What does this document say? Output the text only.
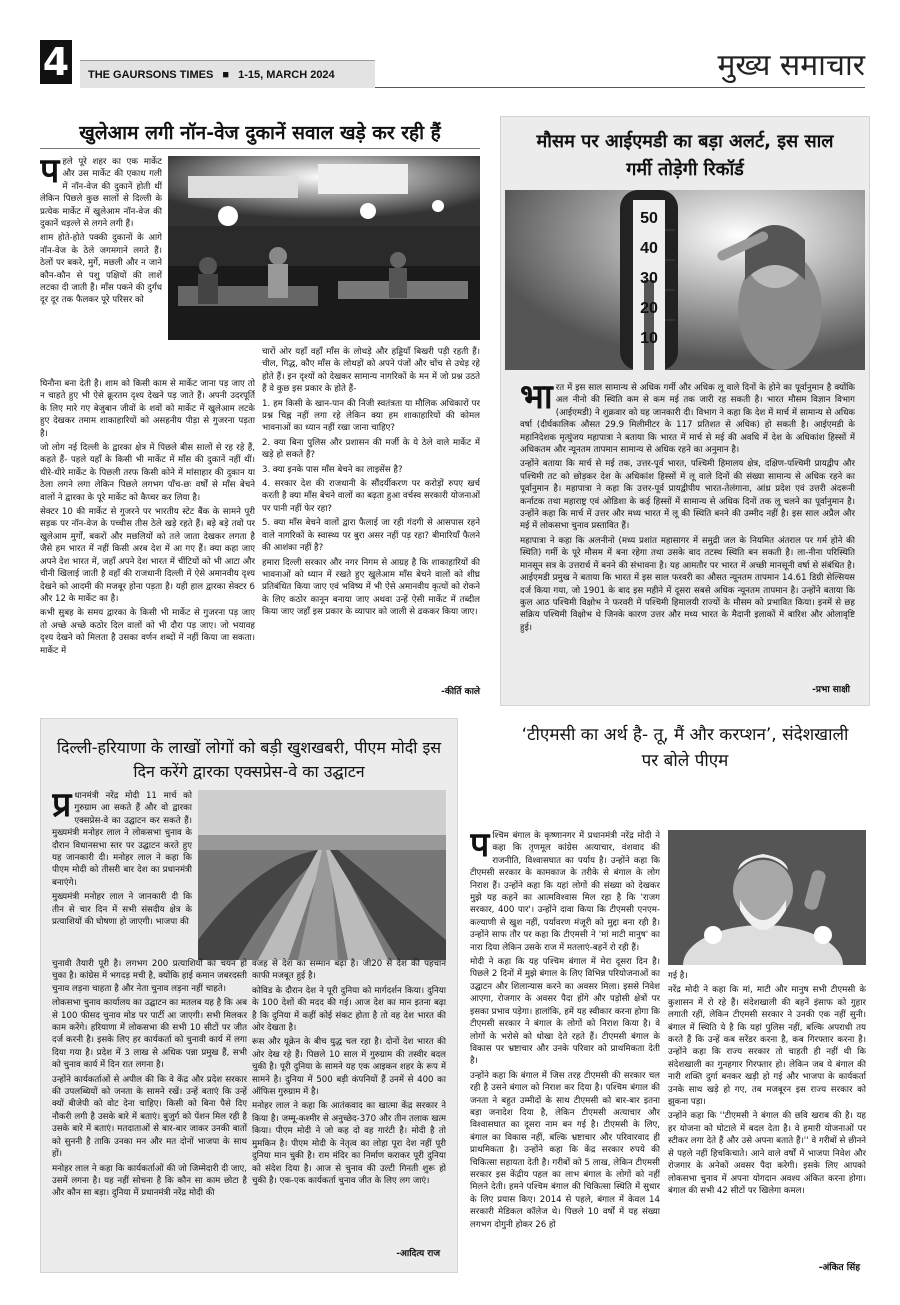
4	THE GAURSONS TIMES ■ 1-15, MARCH 2024	मुख्य समाचार
खुलेआम लगी नॉन-वेज दुकानें सवाल खड़े कर रही हैं
प हले पूरे शहर का एक मार्केट और उस मार्केट की एकाध गली में नॉन-वेज की दुकानें होती थीं लेकिन पिछले कुछ सालों से दिल्ली के प्रत्येक मार्केट में खुलेआम नॉन-वेज की दुकानें धड़ल्ले से लगने लगी हैं।

शाम होते-होते पक्की दुकानों के आगे नॉन-वेज के ठेले जगमगाने लगते हैं। ठेलों पर बकरे, मुर्गे, मछली और न जाने कौन-कौन से पशु पक्षियों की लाशें लटका दी जाती हैं। माँस पकने की दुर्गंध दूर दूर तक फैलकर पूरे परिसर को

घिनौना बना देती है। शाम को किसी काम से मार्केट जाना पड़ जाए तो न चाहते हुए भी ऐसे क्रूरतम दृश्य देखने पड़ जाते हैं। अपनी उदरपूर्ति के लिए मारे गए बेजुबान जीवों के शवों को मार्केट में खुलेआम लटके हुए देखकर तमाम शाकाहारियों को असहनीय पीड़ा से गुजरना पड़ता है।

जो लोग नई दिल्ली के द्वारका क्षेत्र में पिछले बीस सालों से रह रहे हैं, कहते हैं- पहले यहाँ के किसी भी मार्केट में माँस की दुकानें नहीं थीं। धीरे-धीरे मार्केट के पिछली तरफ किसी कोने में मांसाहार की दुकान या ठेला लगने लगा लेकिन पिछले लगभग पाँच-छः वर्षों से माँस बेचने वालों ने द्वारका के पूरे मार्केट को कैप्चर कर लिया है।

सेक्टर 10 की मार्केट से गुजरने पर भारतीय स्टेट बैंक के सामने पूरी सड़क पर नॉन-वेज के पच्चीस तीस ठेले खड़े रहते हैं। बड़े बड़े तवों पर खुलेआम मुर्गों, बकरों और मछलियों को तले जाता देखकर लगता है जैसे हम भारत में नहीं किसी अरब देश में आ गए हैं। क्या कहा जाए अपने देश भारत में, जहाँ अपने देश भारत में चींटियों को भी आटा और चीनी खिलाई जाती है वहाँ की राजधानी दिल्ली में ऐसे अमानवीय दृश्य देखने को आदमी की मजबूर होना पड़ता है। यही हाल द्वारका सेक्टर 6 और 12 के मार्केट का है।

कभी सुबह के समय द्वारका के किसी भी मार्केट से गुजरना पड़ जाए तो अच्छे अच्छे कठोर दिल वालों को भी दौरा पड़ जाए। जो भयावह दृश्य देखने को मिलता है उसका वर्णन शब्दों में नहीं किया जा सकता। मार्केट में

चारों ओर यहाँ वहाँ माँस के लोथड़े और हड्डियाँ बिखरी पड़ी रहती हैं। चील, गिद्ध, कौए माँस के लोथड़ों को अपने पंजों और चोंच से उधेड़ रहे होते हैं। इन दृश्यों को देखकर सामान्य नागरिकों के मन में जो प्रश्न उठते हैं वे कुछ इस प्रकार के होते हैं-

1. हम किसी के खान-पान की निजी स्वतंत्रता या मौलिक अधिकारों पर प्रश्न चिह्न नहीं लगा रहे लेकिन क्या हम शाकाहारियों की कोमल भावनाओं का ध्यान नहीं रखा जाना चाहिए?

2. क्या बिना पुलिस और प्रशासन की मर्जी के ये ठेले वाले मार्केट में खड़े हो सकते हैं?

3. क्या इनके पास माँस बेचने का लाइसेंस है?

4. सरकार देश की राजधानी के सौंदर्यीकरण पर करोड़ों रुपए खर्च करती है क्या माँस बेचने वालों का बढ़ता हुआ वर्चस्व सरकारी योजनाओं पर पानी नहीं फेर रहा?

5. क्या माँस बेचने वालों द्वारा फैलाई जा रही गंदगी से आसपास रहने वाले नागरिकों के स्वास्थ्य पर बुरा असर नहीं पड़ रहा? बीमारियाँ फैलने की आशंका नहीं है?

हमारा दिल्ली सरकार और नगर निगम से आग्रह है कि शाकाहारियों की भावनाओं को ध्यान में रखते हुए खुलेआम माँस बेचने वालों को शीघ्र प्रतिबंधित किया जाए एवं भविष्य में भी ऐसे अमानवीय कृत्यों को रोकने के लिए कठोर कानून बनाया जाए अथवा उन्हें ऐसी मार्केट में तब्दील किया जाए जहाँ इस प्रकार के व्यापार को जाली से ढककर किया जाए।

-कीर्ति काले
मौसम पर आईएमडी का बड़ा अलर्ट, इस साल गर्मी तोड़ेगी रिकॉर्ड
50
40
30
20
10
भा रत में इस साल सामान्य से अधिक गर्मी और अधिक लू वाले दिनों के होने का पूर्वानुमान है क्योंकि अल नीनो की स्थिति कम से कम मई तक जारी रह सकती है। भारत मौसम विज्ञान विभाग (आईएमडी) ने शुक्रवार को यह जानकारी दी। विभाग ने कहा कि देश में मार्च में सामान्य से अधिक वर्षा (दीर्घकालिक औसत 29.9 मिलीमीटर के 117 प्रतिशत से अधिक) हो सकती है। आईएमडी के महानिदेशक मृत्युंजय महापात्रा ने बताया कि भारत में मार्च से मई की अवधि में देश के अधिकांश हिस्सों में अधिकतम और न्यूनतम तापमान सामान्य से अधिक रहने का अनुमान है।

उन्होंने बताया कि मार्च से मई तक, उत्तर-पूर्व भारत, पश्चिमी हिमालय क्षेत्र, दक्षिण-पश्चिमी प्रायद्वीप और पश्चिमी तट को छोड़कर देश के अधिकांश हिस्सों में लू वाले दिनों की संख्या सामान्य से अधिक रहने का पूर्वानुमान है। महापात्रा ने कहा कि उत्तर-पूर्व प्रायद्वीपीय भारत-तेलंगाना, आंध्र प्रदेश एवं उत्तरी अंदरूनी कर्नाटक तथा महाराष्ट्र एवं ओडिशा के कई हिस्सों में सामान्य से अधिक दिनों तक लू चलने का पूर्वानुमान है। उन्होंने कहा कि मार्च में उत्तर और मध्य भारत में लू की स्थिति बनने की उम्मीद नहीं है। इस साल अप्रैल और मई में लोकसभा चुनाव प्रस्तावित हैं।

महापात्रा ने कहा कि अलनीनो (मध्य प्रशांत महासागर में समुद्री जल के नियमित अंतराल पर गर्म होने की स्थिति) गर्मी के पूरे मौसम में बना रहेगा तथा उसके बाद तटस्थ स्थिति बन सकती है। ला-नीना परिस्थिति मानसून सत्र के उत्तरार्ध में बनने की संभावना है। यह आमतौर पर भारत में अच्छी मानसूनी वर्षा से संबंधित है। आईएमडी प्रमुख ने बताया कि भारत में इस साल फरवरी का औसत न्यूनतम तापमान 14.61 डिग्री सेल्सियस दर्ज किया गया, जो 1901 के बाद इस महीने में दूसरा सबसे अधिक न्यूनतम तापमान है। उन्होंने बताया कि कुल आठ पश्चिमी विक्षोभ ने फरवरी में पश्चिमी हिमालयी राज्यों के मौसम को प्रभावित किया। इनमें से छह सक्रिय पश्चिमी विक्षोभ थे जिनके कारण उत्तर और मध्य भारत के मैदानी इलाकों में बारिश और ओलावृष्टि हुई।

-प्रभा साक्षी
दिल्ली-हरियाणा के लाखों लोगों को बड़ी खुशखबरी, पीएम मोदी इस दिन करेंगे द्वारका एक्सप्रेस-वे का उद्घाटन
प्र धानमंत्री नरेंद्र मोदी 11 मार्च को गुरुग्राम आ सकते हैं और वो द्वारका एक्सप्रेस-वे का उद्घाटन कर सकते हैं। मुख्यमंत्री मनोहर लाल ने लोकसभा चुनाव के दौरान विधानसभा स्तर पर उद्घाटन करते हुए यह जानकारी दी। मनोहर लाल ने कहा कि पीएम मोदी को तीसरी बार देश का प्रधानमंत्री बनाएंगे।

मुख्यमंत्री मनोहर लाल ने जानकारी दी कि तीन से चार दिन में सभी संसदीय क्षेत्र के प्रत्याशियों की घोषणा हो जाएगी। भाजपा की

चुनावी तैयारी पूरी है। लगभग 200 प्रत्याशियों का चयन हो चुका है। कांग्रेस में भगदड़ मची है, क्योंकि हाई कमान जबरदस्ती चुनाव लड़ना चाहता है और नेता चुनाव लड़ना नहीं चाहते।

लोकसभा चुनाव कार्यालय का उद्घाटन का मतलब यह है कि अब से 100 फीसद चुनाव मोड पर पार्टी आ जाएगी। सभी मिलकर काम करेंगे। हरियाणा में लोकसभा की सभी 10 सीटों पर जीत दर्ज करनी है। इसके लिए हर कार्यकर्ता को चुनावी कार्य में लगा दिया गया है। प्रदेश में 3 लाख से अधिक पन्ना प्रमुख हैं, सभी को चुनाव कार्य में दिन रात लगना है।

उन्होंने कार्यकर्ताओं से अपील की कि वे केंद्र और प्रदेश सरकार की उपलब्धियों को जनता के सामने रखें। उन्हें बताएं कि उन्हें क्यों बीजेपी को वोट देना चाहिए। किसी को बिना पैसे दिए नौकरी लगी है उसके बारे में बताएं। बुजुर्ग को पेंशन मिल रही है उसके बारे में बताएं। मतदाताओं से बार-बार जाकर उनकी बातों को सुननी है ताकि उनका मन और मत दोनों भाजपा के साथ हों।

मनोहर लाल ने कहा कि कार्यकर्ताओं की जो जिम्मेदारी दी जाए, उसमें लगना है। यह नहीं सोचना है कि कौन सा काम छोटा है और कौन सा बड़ा। दुनिया में प्रधानमंत्री नरेंद्र मोदी की

वजह से देश का सम्मान बढ़ा है। जी20 से देश की पहचान काफी मजबूत हुई है।

कोविड के दौरान देश ने पूरी दुनिया को मार्गदर्शन किया। दुनिया के 100 देशों की मदद की गई। आज देश का मान इतना बढ़ा है कि दुनिया में कहीं कोई संकट होता है तो वह देश भारत की ओर देखता है।

रूस और यूक्रेन के बीच युद्ध चल रहा है। दोनों देश भारत की ओर देख रहे हैं। पिछले 10 साल में गुरुग्राम की तस्वीर बदल चुकी है। पूरी दुनिया के सामने यह एक आइकन शहर के रूप में सामने है। दुनिया में 500 बड़ी कंपनियों हैं उनमें से 400 का ऑफिस गुरुग्राम में है।

मनोहर लाल ने कहा कि आतंकवाद का खात्मा केंद्र सरकार ने किया है। जम्मू-कश्मीर से अनुच्छेद-370 और तीन तलाक खत्म किया। पीएम मोदी ने जो कह दो वह गारंटी है। मोदी है तो मुमकिन है। पीएम मोदी के नेतृत्व का लोहा पूरा देश नहीं पूरी दुनिया मान चुकी है। राम मंदिर का निर्माण कराकर पूरी दुनिया को संदेश दिया है। आज से चुनाव की उल्टी गिनती शुरू हो चुकी है। एक-एक कार्यकर्ता चुनाव जीत के लिए लग जाएं।

-आदित्य राज
‘टीएमसी का अर्थ है- तू, मैं और करप्शन’, संदेशखाली पर बोले पीएम
प श्चिम बंगाल के कृष्णानगर में प्रधानमंत्री नरेंद्र मोदी ने कहा कि तृणमूल कांग्रेस अत्याचार, वंशवाद की राजनीति, विश्वासघात का पर्याय है। उन्होंने कहा कि टीएमसी सरकार के कामकाज के तरीके से बंगाल के लोग निराश हैं। उन्होंने कहा कि यहां लोगों की संख्या को देखकर मुझे यह कहने का आत्मविश्वास मिल रहा है कि 'राजग सरकार, 400 पार'। उन्होंने दावा किया कि टीएमसी एनएम-कल्याणी से खुश नहीं, पर्यावरण मंजूरी को मुद्दा बना रही है। उन्होंने साफ तौर पर कहा कि टीएमसी ने 'मां माटी मानुष' का नारा दिया लेकिन उसके राज में मतलाएं-बहनें रो रही हैं।

मोदी ने कहा कि यह पश्चिम बंगाल में मेरा दूसरा दिन है। पिछले 2 दिनों में मुझे बंगाल के लिए विभिन्न परियोजनाओं का उद्घाटन और शिलान्यास करने का अवसर मिला। इससे निवेश आएगा, रोजगार के अवसर पैदा होंगे और पड़ोसी क्षेत्रों पर इसका प्रभाव पड़ेगा। हालांकि, हमें यह स्वीकार करना होगा कि टीएमसी सरकार ने बंगाल के लोगों को निराश किया है। वे लोगों के भरोसे को धोखा देते रहते हैं। टीएमसी बंगाल के विकास पर भ्रष्टाचार और उनके परिवार को प्राथमिकता देती है।

उन्होंने कहा कि बंगाल में जिस तरह टीएमसी की सरकार चल रही है उसने बंगाल को निराश कर दिया है। पश्चिम बंगाल की जनता ने बहुत उम्मीदों के साथ टीएमसी को बार-बार इतना बड़ा जनादेश दिया है, लेकिन टीएमसी अत्याचार और विश्वासघात का दूसरा नाम बन गई है। टीएमसी के लिए, बंगाल का विकास नहीं, बल्कि भ्रष्टाचार और परिवारवाद ही प्राथमिकता है। उन्होंने कहा कि केंद्र सरकार रुपये की चिकित्सा सहायता देती है। गरीबों को 5 लाख, लेकिन टीएमसी सरकार इस केंद्रीय पहल का लाभ बंगाल के लोगों को नहीं मिलने देती। हमने पश्चिम बंगाल की चिकित्सा स्थिति में सुधार के लिए प्रयास किए। 2014 से पहले, बंगाल में केवल 14 सरकारी मेडिकल कॉलेज थे। पिछले 10 वर्षों में यह संख्या लगभग दोगुनी होकर 26 हो

गई है।

नरेंद्र मोदी ने कहा कि मां, माटी और मानुष सभी टीएमसी के कुशासन में रो रहे हैं। संदेशखाली की बहनें इंसाफ को गुहार लगाती रहीं, लेकिन टीएमसी सरकार ने उनकी एक नहीं सुनी। बंगाल में स्थिति ये है कि यहां पुलिस नहीं, बल्कि अपराधी तय करते हैं कि उन्हें कब सरेंडर करना है, कब गिरफ्तार करना है। उन्होंने कहा कि राज्य सरकार तो चाहती ही नहीं थी कि संदेशखाली का गुनहगार गिरफ्तार हो। लेकिन जब ये बंगाल की नारी शक्ति दुर्गा बनकर खड़ी हो गई और भाजपा के कार्यकर्ता उनके साथ खड़े हो गए, तब मजबूरन इस राज्य सरकार को झुकना पड़ा।

उन्होंने कहा कि ''टीएमसी ने बंगाल की छवि खराब की है। यह हर योजना को घोटाले में बदल देता है। वे हमारी योजनाओं पर स्टीकर लगा देते हैं और उसे अपना बताते हैं।'' वे गरीबों से छीनने से पहले नहीं हिचकिचाते। आने वाले वर्षों में भाजपा निवेश और रोजगार के अनेकों अवसर पैदा करेगी। इसके लिए आपको लोकसभा चुनाव में अपना योगदान अवश्य अंकित करना होगा। बंगाल की सभी 42 सीटों पर खिलेगा कमल।

-अंकित सिंह
